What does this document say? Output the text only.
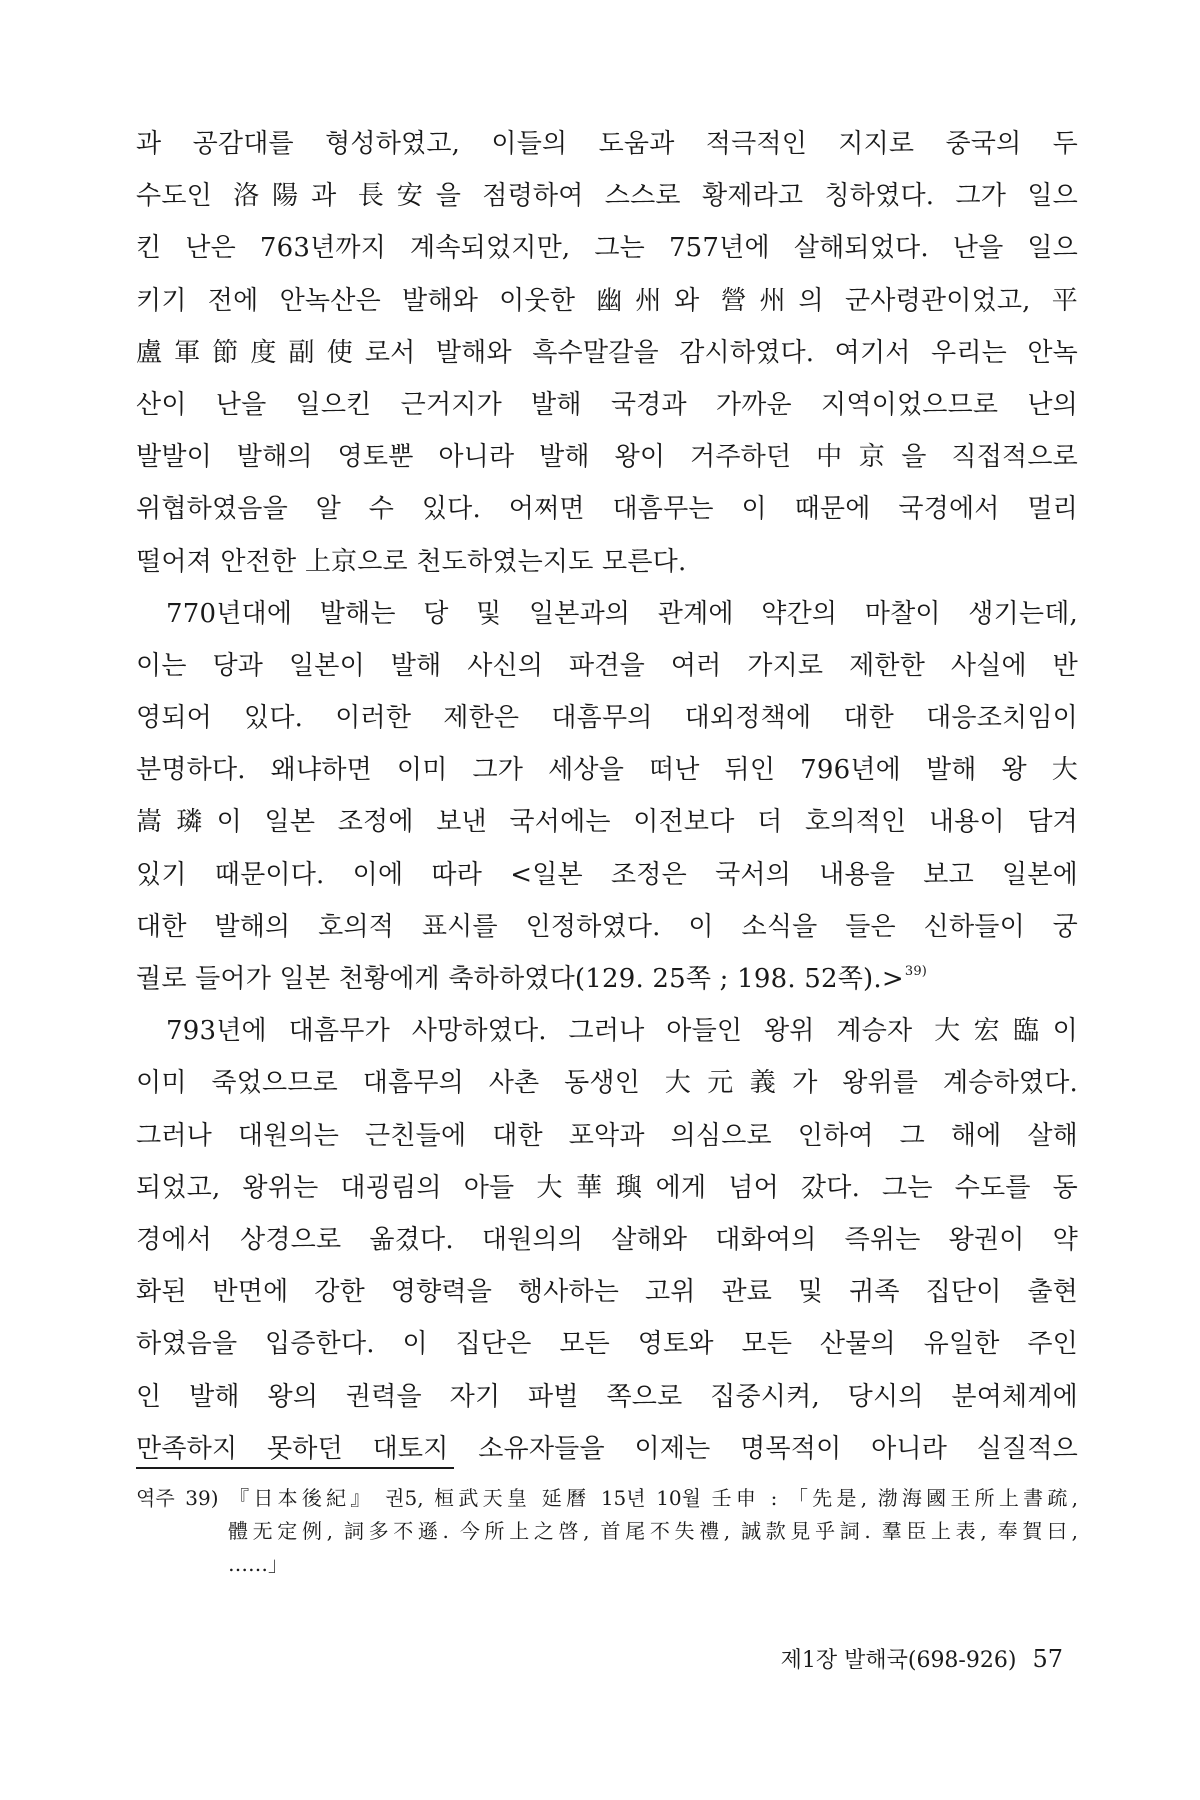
과 공감대를 형성하였고, 이들의 도움과 적극적인 지지로 중국의 두
수도인 洛陽과 長安을 점령하여 스스로 황제라고 칭하였다. 그가 일으
킨 난은 763년까지 계속되었지만, 그는 757년에 살해되었다. 난을 일으
키기 전에 안녹산은 발해와 이웃한 幽州와 營州의 군사령관이었고, 平
盧軍節度副使로서 발해와 흑수말갈을 감시하였다. 여기서 우리는 안녹
산이 난을 일으킨 근거지가 발해 국경과 가까운 지역이었으므로 난의
발발이 발해의 영토뿐 아니라 발해 왕이 거주하던 中京을 직접적으로
위협하였음을 알 수 있다. 어쩌면 대흠무는 이 때문에 국경에서 멀리
떨어져 안전한 上京으로 천도하였는지도 모른다.
770년대에 발해는 당 및 일본과의 관계에 약간의 마찰이 생기는데,
이는 당과 일본이 발해 사신의 파견을 여러 가지로 제한한 사실에 반
영되어 있다. 이러한 제한은 대흠무의 대외정책에 대한 대응조치임이
분명하다. 왜냐하면 이미 그가 세상을 떠난 뒤인 796년에 발해 왕 大
嵩璘이 일본 조정에 보낸 국서에는 이전보다 더 호의적인 내용이 담겨
있기 때문이다. 이에 따라 <일본 조정은 국서의 내용을 보고 일본에
대한 발해의 호의적 표시를 인정하였다. 이 소식을 들은 신하들이 궁
궐로 들어가 일본 천황에게 축하하였다(129. 25쪽 ; 198. 52쪽).>$^{39)}$
793년에 대흠무가 사망하였다. 그러나 아들인 왕위 계승자 大宏臨이
이미 죽었으므로 대흠무의 사촌 동생인 大元義가 왕위를 계승하였다.
그러나 대원의는 근친들에 대한 포악과 의심으로 인하여 그 해에 살해
되었고, 왕위는 대굉림의 아들 大華璵에게 넘어 갔다. 그는 수도를 동
경에서 상경으로 옮겼다. 대원의의 살해와 대화여의 즉위는 왕권이 약
화된 반면에 강한 영향력을 행사하는 고위 관료 및 귀족 집단이 출현
하였음을 입증한다. 이 집단은 모든 영토와 모든 산물의 유일한 주인
인 발해 왕의 권력을 자기 파벌 쪽으로 집중시켜, 당시의 분여체계에
만족하지 못하던 대토지 소유자들을 이제는 명목적이 아니라 실질적으
역주 39) 『日本後紀』 권5, 桓武天皇 延曆 15년 10월 壬申 : 「先是, 渤海國王所上書疏,
體无定例, 詞多不遜. 今所上之啓, 首尾不失禮, 誠款見乎詞. 羣臣上表, 奉賀曰,
……」
제1장 발해국(698-926) 57
